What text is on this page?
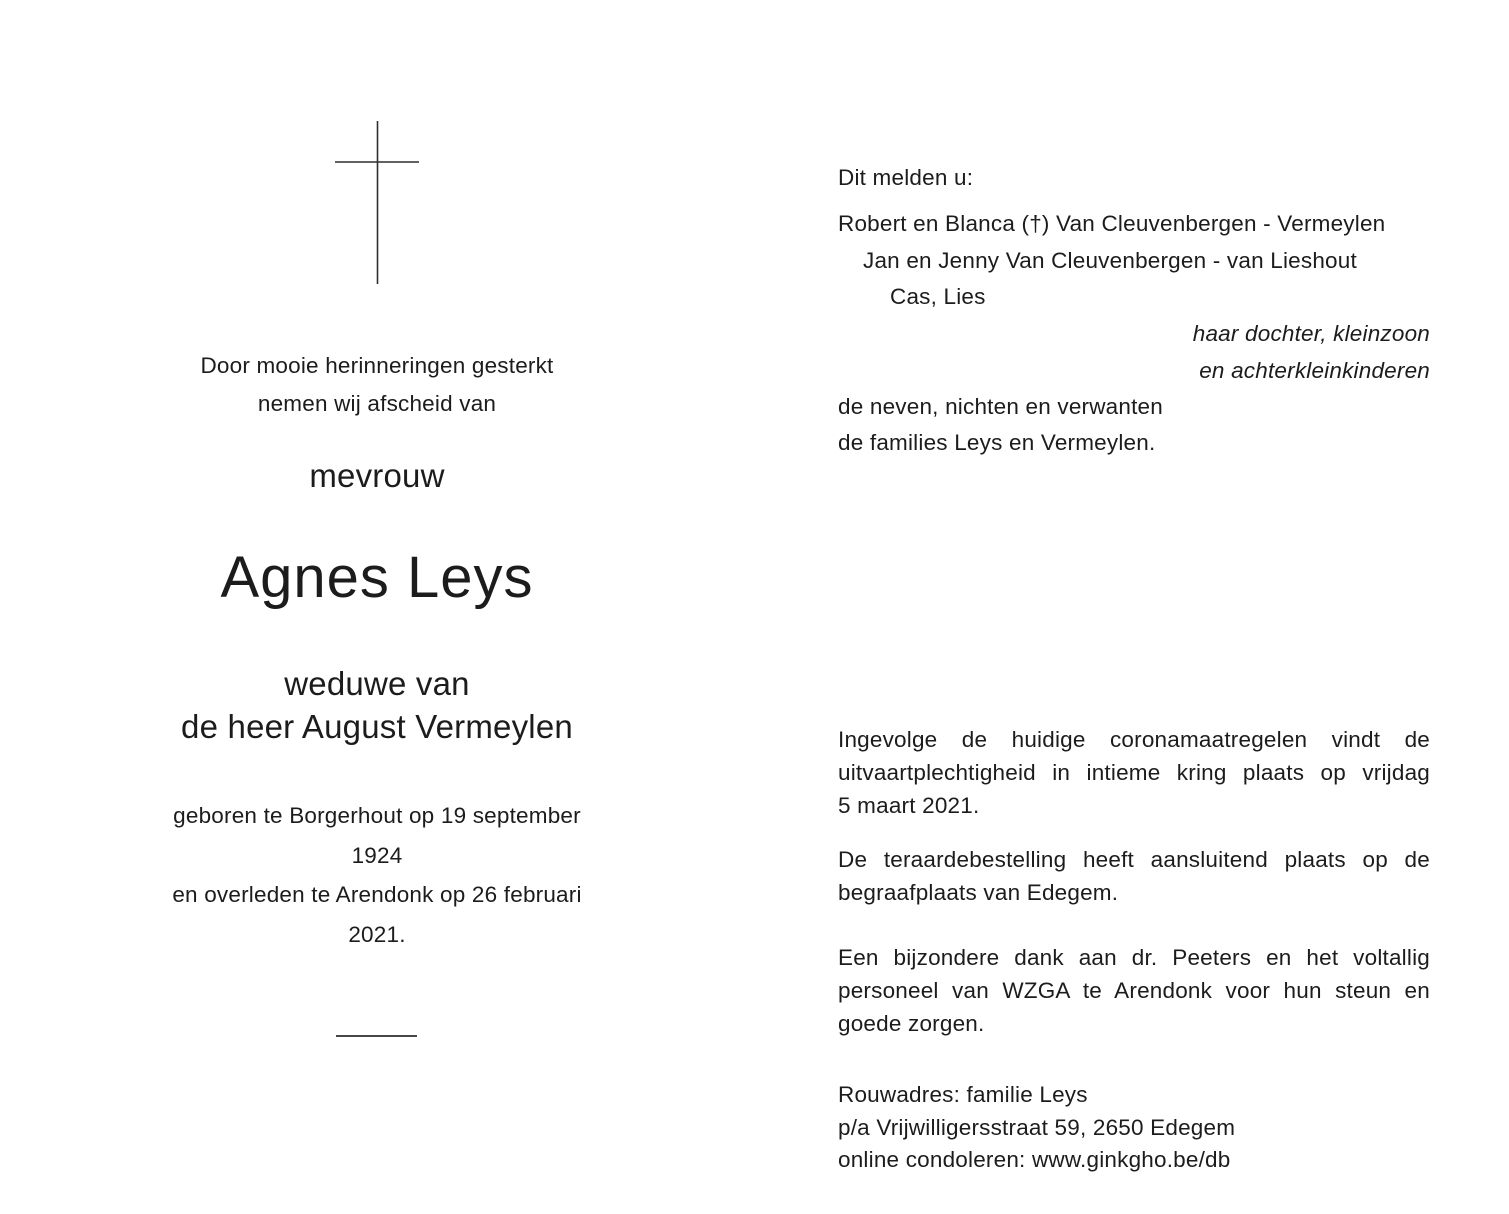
Door mooie herinneringen gesterkt
nemen wij afscheid van
mevrouw
Agnes Leys
weduwe van
de heer August Vermeylen
geboren te Borgerhout op 19 september 1924
en overleden te Arendonk op 26 februari 2021.
Dit melden u:
Robert en Blanca (†) Van Cleuvenbergen - Vermeylen
Jan en Jenny Van Cleuvenbergen - van Lieshout
Cas, Lies
haar dochter, kleinzoon
en achterkleinkinderen
de neven, nichten en verwanten
de families Leys en Vermeylen.
Ingevolge de huidige coronamaatregelen vindt de
uitvaartplechtigheid in intieme kring plaats op vrijdag
5 maart 2021.
De teraardebestelling heeft aansluitend plaats op de
begraafplaats van Edegem.
Een bijzondere dank aan dr. Peeters en het voltallig
personeel van WZGA te Arendonk voor hun steun en
goede zorgen.
Rouwadres: familie Leys
p/a Vrijwilligersstraat 59, 2650 Edegem
online condoleren: www.ginkgho.be/db
